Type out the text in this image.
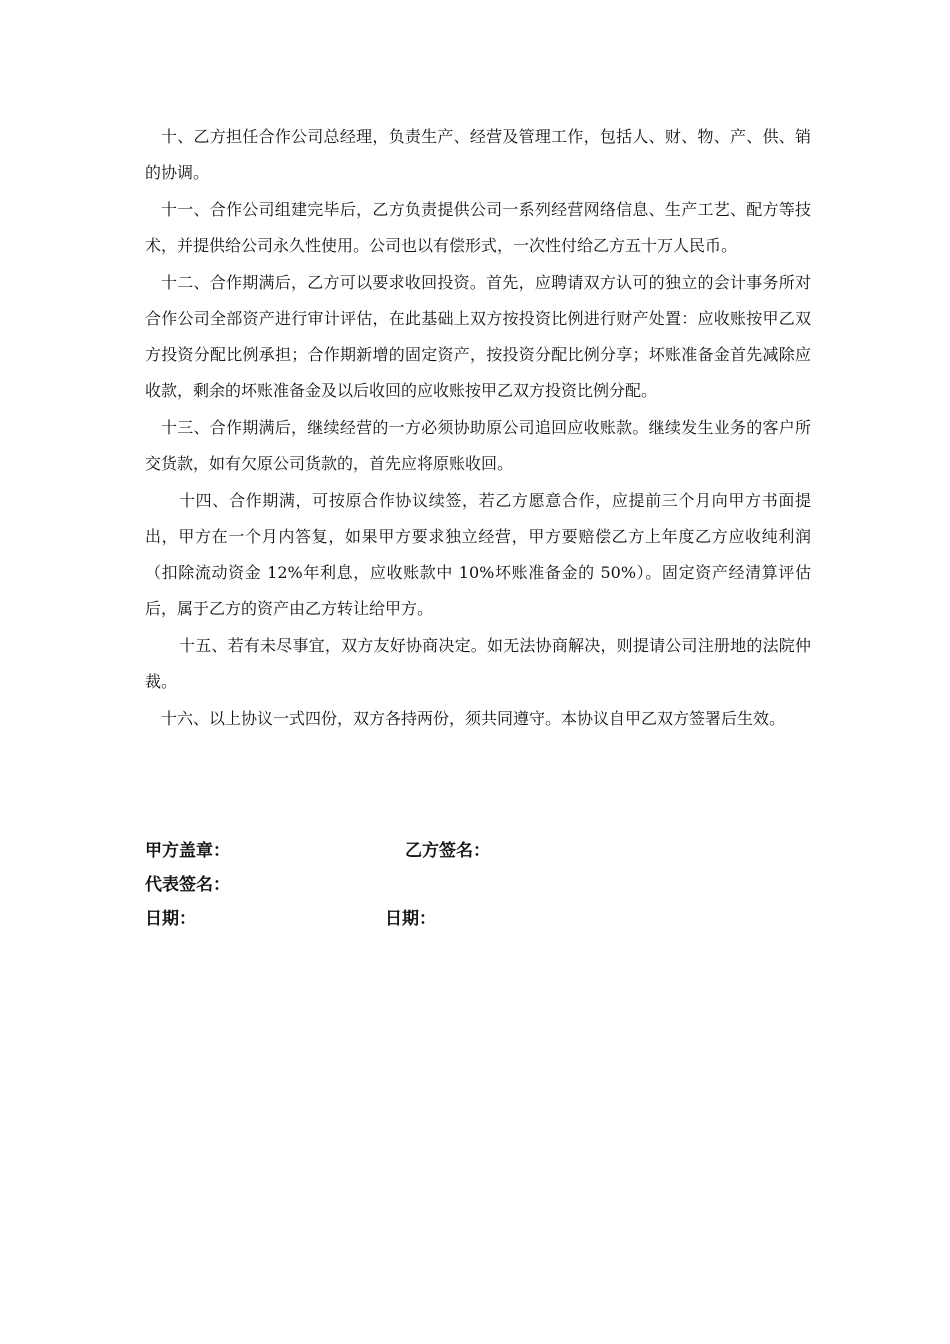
十、乙方担任合作公司总经理，负责生产、经营及管理工作，包括人、财、物、产、供、销的协调。

十一、合作公司组建完毕后，乙方负责提供公司一系列经营网络信息、生产工艺、配方等技术，并提供给公司永久性使用。公司也以有偿形式，一次性付给乙方五十万人民币。

十二、合作期满后，乙方可以要求收回投资。首先，应聘请双方认可的独立的会计事务所对合作公司全部资产进行审计评估，在此基础上双方按投资比例进行财产处置：应收账按甲乙双方投资分配比例承担；合作期新增的固定资产，按投资分配比例分享；坏账准备金首先减除应收款，剩余的坏账准备金及以后收回的应收账按甲乙双方投资比例分配。

十三、合作期满后，继续经营的一方必须协助原公司追回应收账款。继续发生业务的客户所交货款，如有欠原公司货款的，首先应将原账收回。

十四、合作期满，可按原合作协议续签，若乙方愿意合作，应提前三个月向甲方书面提出，甲方在一个月内答复，如果甲方要求独立经营，甲方要赔偿乙方上年度乙方应收纯利润（扣除流动资金 12%年利息，应收账款中 10%坏账准备金的 50%）。固定资产经清算评估后，属于乙方的资产由乙方转让给甲方。

十五、若有未尽事宜，双方友好协商决定。如无法协商解决，则提请公司注册地的法院仲裁。

十六、以上协议一式四份，双方各持两份，须共同遵守。本协议自甲乙双方签署后生效。

甲方盖章：	乙方签名：
代表签名：
日期：	日期：
